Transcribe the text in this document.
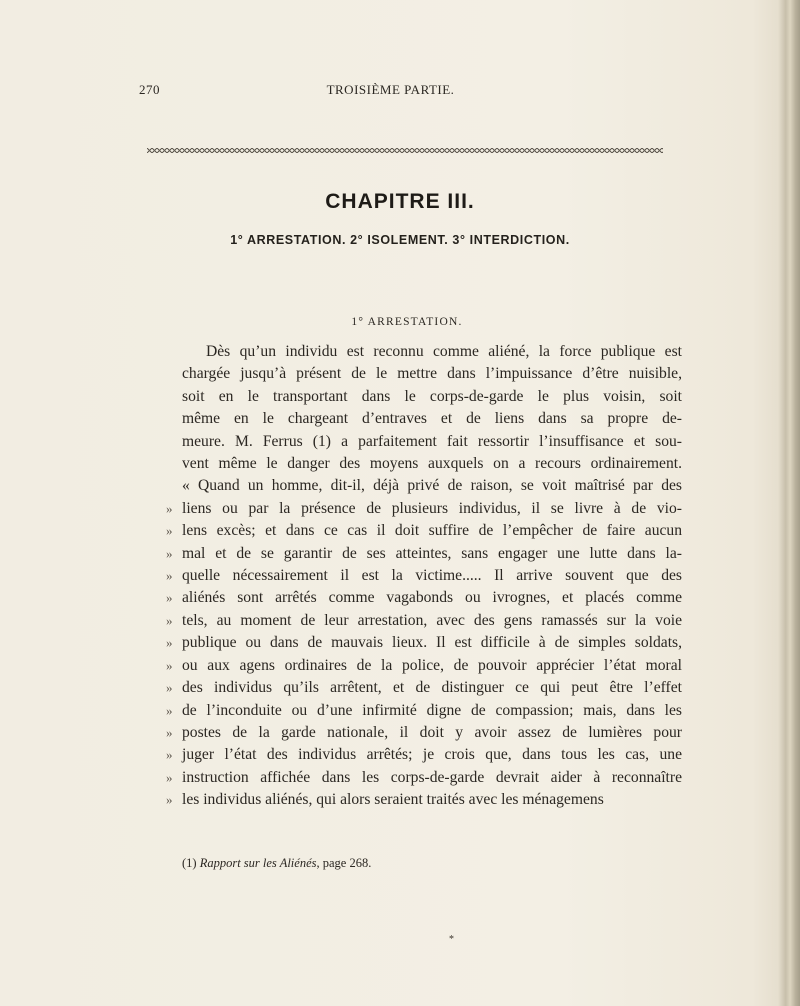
270	TROISIÈME PARTIE.
CHAPITRE III.
1° ARRESTATION. 2° ISOLEMENT. 3° INTERDICTION.
1° ARRESTATION.
Dès qu’un individu est reconnu comme aliéné, la force publique est
chargée jusqu’à présent de le mettre dans l’impuissance d’être nuisible,
soit en le transportant dans le corps-de-garde le plus voisin, soit
même en le chargeant d’entraves et de liens dans sa propre de-
meure. M. Ferrus (1) a parfaitement fait ressortir l’insuffisance et sou-
vent même le danger des moyens auxquels on a recours ordinairement.
« Quand un homme, dit-il, déjà privé de raison, se voit maîtrisé par des
» liens ou par la présence de plusieurs individus, il se livre à de vio-
» lens excès; et dans ce cas il doit suffire de l’empêcher de faire aucun
» mal et de se garantir de ses atteintes, sans engager une lutte dans la-
» quelle nécessairement il est la victime..... Il arrive souvent que des
» aliénés sont arrêtés comme vagabonds ou ivrognes, et placés comme
» tels, au moment de leur arrestation, avec des gens ramassés sur la voie
» publique ou dans de mauvais lieux. Il est difficile à de simples soldats,
» ou aux agens ordinaires de la police, de pouvoir apprécier l’état moral
» des individus qu’ils arrêtent, et de distinguer ce qui peut être l’effet
» de l’inconduite ou d’une infirmité digne de compassion; mais, dans les
» postes de la garde nationale, il doit y avoir assez de lumières pour
» juger l’état des individus arrêtés; je crois que, dans tous les cas, une
» instruction affichée dans les corps-de-garde devrait aider à reconnaître
» les individus aliénés, qui alors seraient traités avec les ménagemens
(1) Rapport sur les Aliénés, page 268.
*
